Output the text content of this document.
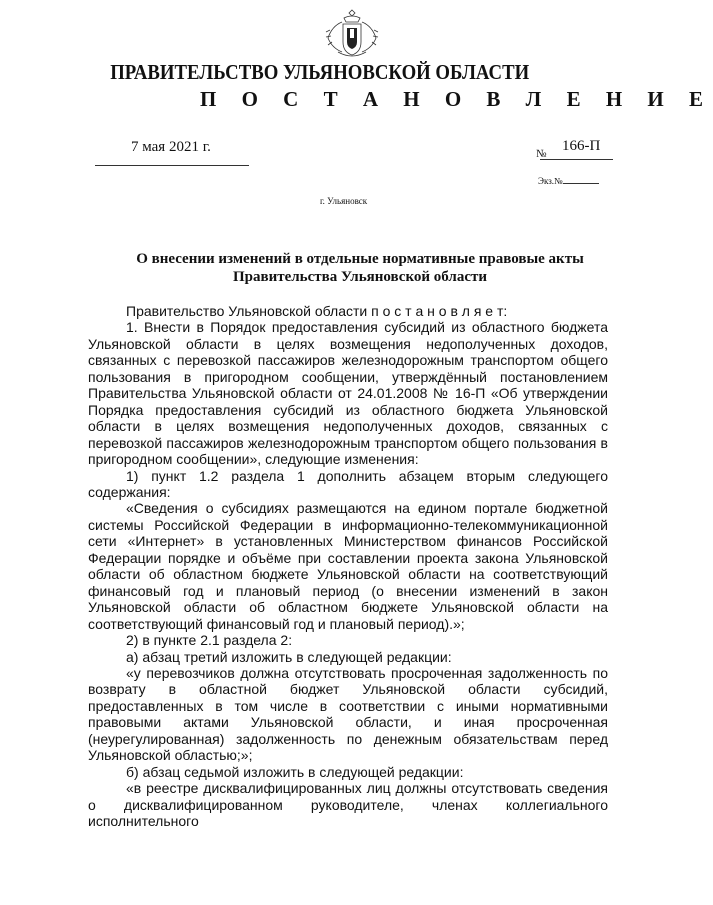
ПРАВИТЕЛЬСТВО УЛЬЯНОВСКОЙ ОБЛАСТИ
П О С Т А Н О В Л Е Н И Е
7 мая 2021 г.	№ 166-П
Экз.№
г. Ульяновск
О внесении изменений в отдельные нормативные правовые акты
Правительства Ульяновской области

Правительство Ульяновской области п о с т а н о в л я е т:

1. Внести в Порядок предоставления субсидий из областного бюджета Ульяновской области в целях возмещения недополученных доходов, связанных с перевозкой пассажиров железнодорожным транспортом общего пользования в пригородном сообщении, утверждённый постановлением Правительства Ульяновской области от 24.01.2008 № 16-П «Об утверждении Порядка предоставления субсидий из областного бюджета Ульяновской области в целях возмещения недополученных доходов, связанных с перевозкой пассажиров железнодорожным транспортом общего пользования в пригородном сообщении», следующие изменения:

1) пункт 1.2 раздела 1 дополнить абзацем вторым следующего содержания:

«Сведения о субсидиях размещаются на едином портале бюджетной системы Российской Федерации в информационно-телекоммуникационной сети «Интернет» в установленных Министерством финансов Российской Федерации порядке и объёме при составлении проекта закона Ульяновской области об областном бюджете Ульяновской области на соответствующий финансовый год и плановый период (о внесении изменений в закон Ульяновской области об областном бюджете Ульяновской области на соответствующий финансовый год и плановый период).»;

2) в пункте 2.1 раздела 2:

а) абзац третий изложить в следующей редакции:

«у перевозчиков должна отсутствовать просроченная задолженность по возврату в областной бюджет Ульяновской области субсидий, предоставленных в том числе в соответствии с иными нормативными правовыми актами Ульяновской области, и иная просроченная (неурегулированная) задолженность по денежным обязательствам перед Ульяновской областью;»;

б) абзац седьмой изложить в следующей редакции:

«в реестре дисквалифицированных лиц должны отсутствовать сведения о дисквалифицированном руководителе, членах коллегиального исполнительного
